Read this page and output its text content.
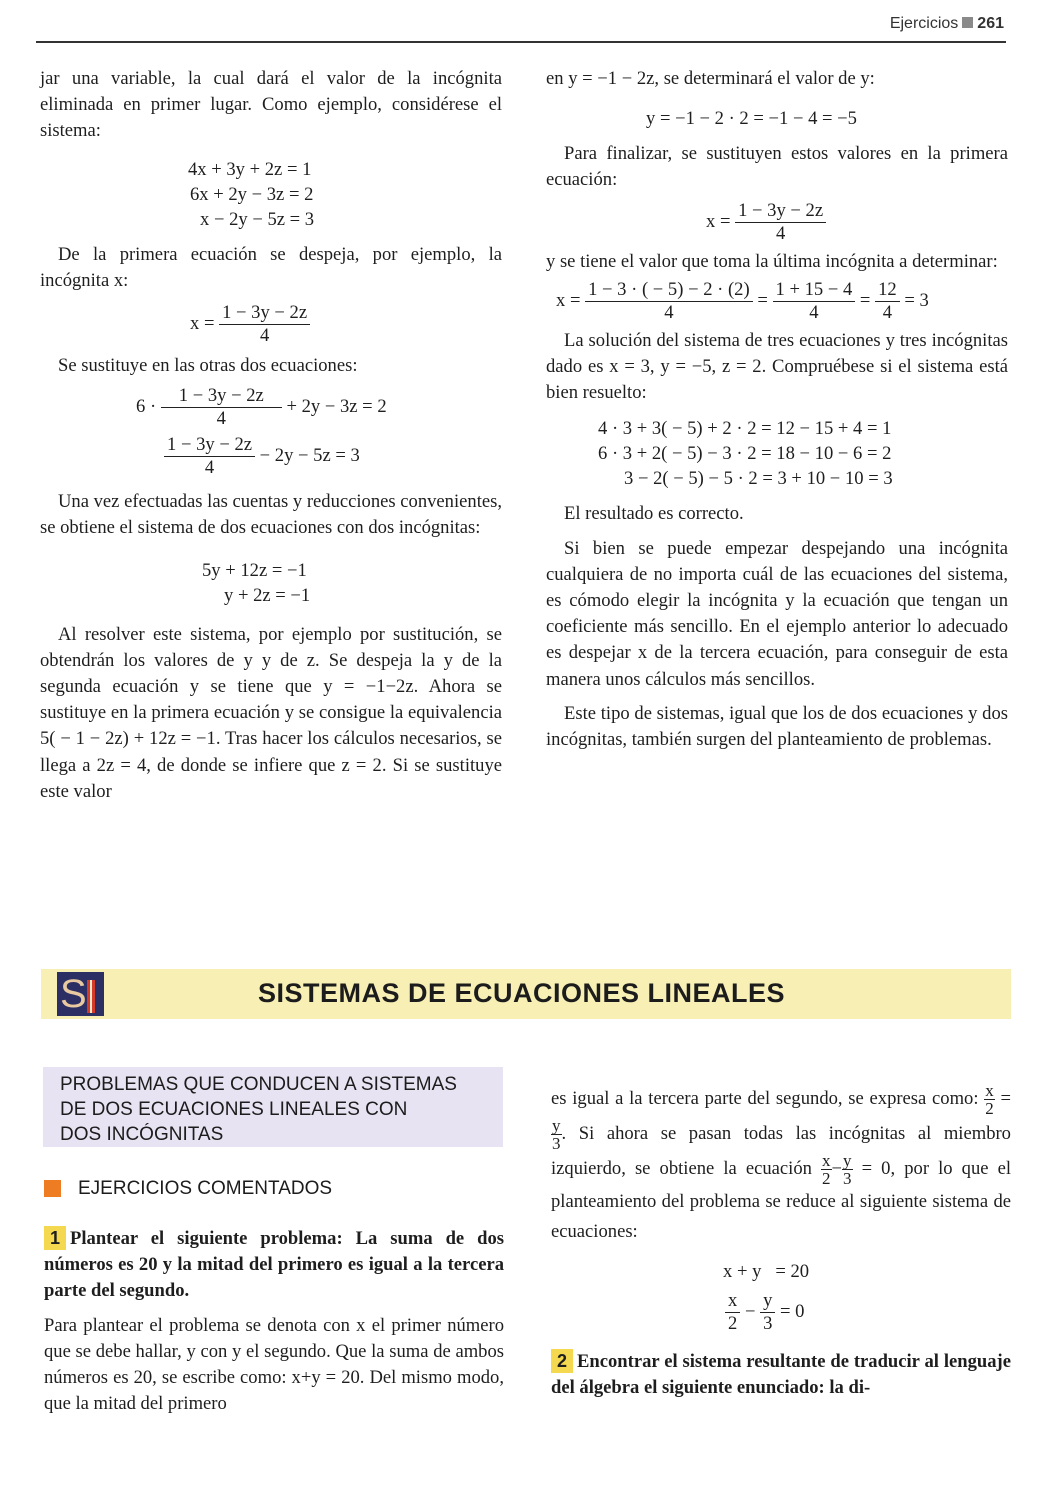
Ejercicios 261

jar una variable, la cual dará el valor de la incógnita eliminada en primer lugar. Como ejemplo, considérese el sistema:

4x + 3y + 2z = 1
6x + 2y − 3z = 2
x − 2y − 5z = 3

De la primera ecuación se despeja, por ejemplo, la incógnita x:

$x = \frac{1 - 3y - 2z}{4}$

Se sustituye en las otras dos ecuaciones:

$6 \cdot \frac{1 - 3y - 2z}{4} + 2y - 3z = 2$
$\frac{1 - 3y - 2z}{4} - 2y - 5z = 3$

Una vez efectuadas las cuentas y reducciones convenientes, se obtiene el sistema de dos ecuaciones con dos incógnitas:

5y + 12z = −1
y + 2z = −1

Al resolver este sistema, por ejemplo por sustitución, se obtendrán los valores de y y de z. Se despeja la y de la segunda ecuación y se tiene que y = −1−2z. Ahora se sustituye en la primera ecuación y se consigue la equivalencia 5( − 1 − 2z) + 12z = −1. Tras hacer los cálculos necesarios, se llega a 2z = 4, de donde se infiere que z = 2. Si se sustituye este valor

en y = −1 − 2z, se determinará el valor de y:

y = −1 − 2 · 2 = −1 − 4 = −5

Para finalizar, se sustituyen estos valores en la primera ecuación:

$x = \frac{1 - 3y - 2z}{4}$

y se tiene el valor que toma la última incógnita a determinar:

$x = \frac{1 - 3 \cdot ( - 5) - 2 \cdot (2)}{4} = \frac{1 + 15 - 4}{4} = \frac{12}{4} = 3$

La solución del sistema de tres ecuaciones y tres incógnitas dado es x = 3, y = −5, z = 2. Compruébese si el sistema está bien resuelto:

4 · 3 + 3( − 5) + 2 · 2 = 12 − 15 + 4 = 1
6 · 3 + 2( − 5) − 3 · 2 = 18 − 10 − 6 = 2
3 − 2( − 5) − 5 · 2 = 3 + 10 − 10 = 3

El resultado es correcto.

Si bien se puede empezar despejando una incógnita cualquiera de no importa cuál de las ecuaciones del sistema, es cómodo elegir la incógnita y la ecuación que tengan un coeficiente más sencillo. En el ejemplo anterior lo adecuado es despejar x de la tercera ecuación, para conseguir de esta manera unos cálculos más sencillos.

Este tipo de sistemas, igual que los de dos ecuaciones y dos incógnitas, también surgen del planteamiento de problemas.

S	SISTEMAS DE ECUACIONES LINEALES
PROBLEMAS QUE CONDUCEN A SISTEMAS
DE DOS ECUACIONES LINEALES CON
DOS INCÓGNITAS
EJERCICIOS COMENTADOS

1 Plantear el siguiente problema: La suma de dos números es 20 y la mitad del primero es igual a la tercera parte del segundo.

Para plantear el problema se denota con x el primer número que se debe hallar, y con y el segundo. Que la suma de ambos números es 20, se escribe como: x+y = 20. Del mismo modo, que la mitad del primero

es igual a la tercera parte del segundo, se expresa como: $\frac{x}{2}$ =
$\frac{y}{3}$ . Si ahora se pasan todas las incógnitas al miembro izquierdo, se obtiene la ecuación $\frac{x}{2} - \frac{y}{3} = 0$, por lo que el planteamiento del problema se reduce al siguiente sistema de ecuaciones:

x + y   = 20
$\frac{x}{2} - \frac{y}{3} = 0$

2 Encontrar el sistema resultante de traducir al lenguaje del álgebra el siguiente enunciado: la di-
